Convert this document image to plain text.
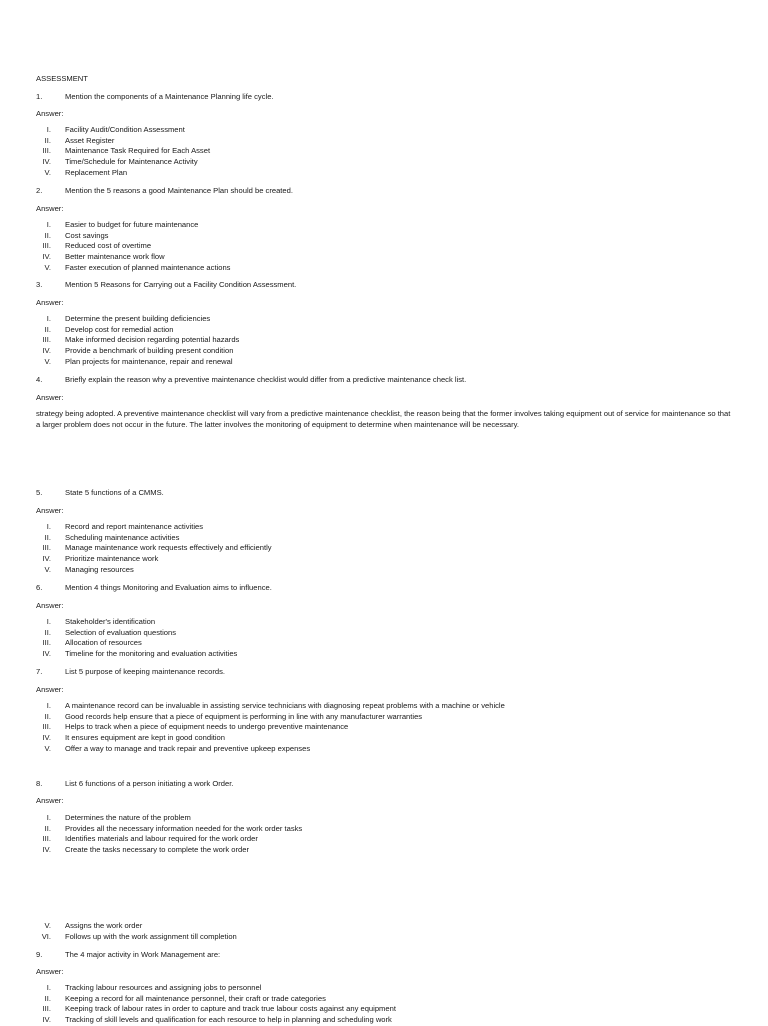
ASSESSMENT
1.	Mention the components of a Maintenance Planning life cycle.
Answer:
I. Facility Audit/Condition Assessment
II. Asset Register
III. Maintenance Task Required for Each Asset
IV. Time/Schedule for Maintenance Activity
V. Replacement Plan
2.	Mention the 5 reasons a good Maintenance Plan should be created.
Answer:
I. Easier to budget for future maintenance
II. Cost savings
III. Reduced cost of overtime
IV. Better maintenance work flow
V. Faster execution of planned maintenance actions
3.	Mention 5 Reasons for Carrying out a Facility Condition Assessment.
Answer:
I. Determine the present building deficiencies
II. Develop cost for remedial action
III. Make informed decision regarding potential hazards
IV. Provide a benchmark of building present condition
V. Plan projects for maintenance, repair and renewal
4.	Briefly explain the reason why a preventive maintenance checklist would differ from a predictive maintenance check list.
Answer:
strategy being adopted. A preventive maintenance checklist will vary from a predictive maintenance checklist, the reason being that the former involves taking equipment out of service for maintenance so that a larger problem does not occur in the future. The latter involves the monitoring of equipment to determine when maintenance will be necessary.
5.	State 5 functions of a CMMS.
Answer:
I. Record and report maintenance activities
II. Scheduling maintenance activities
III. Manage maintenance work requests effectively and efficiently
IV. Prioritize maintenance work
V. Managing resources
6.	Mention 4 things Monitoring and Evaluation aims to influence.
Answer:
I. Stakeholder's identification
II. Selection of evaluation questions
III. Allocation of resources
IV. Timeline for the monitoring and evaluation activities
7.	List 5 purpose of keeping maintenance records.
Answer:
I. A maintenance record can be invaluable in assisting service technicians with diagnosing repeat problems with a machine or vehicle
II. Good records help ensure that a piece of equipment is performing in line with any manufacturer warranties
III. Helps to track when a piece of equipment needs to undergo preventive maintenance
IV. It ensures equipment are kept in good condition
V. Offer a way to manage and track repair and preventive upkeep expenses
8.	List 6 functions of a person initiating a work Order.
Answer:
I. Determines the nature of the problem
II. Provides all the necessary information needed for the work order tasks
III. Identifies materials and labour required for the work order
IV. Create the tasks necessary to complete the work order
V. Assigns the work order
VI. Follows up with the work assignment till completion
9.	The 4 major activity in Work Management are:
Answer:
I. Tracking labour resources and assigning jobs to personnel
II. Keeping a record for all maintenance personnel, their craft or trade categories
III. Keeping track of labour rates in order to capture and track true labour costs against any equipment
IV. Tracking of skill levels and qualification for each resource to help in planning and scheduling work
